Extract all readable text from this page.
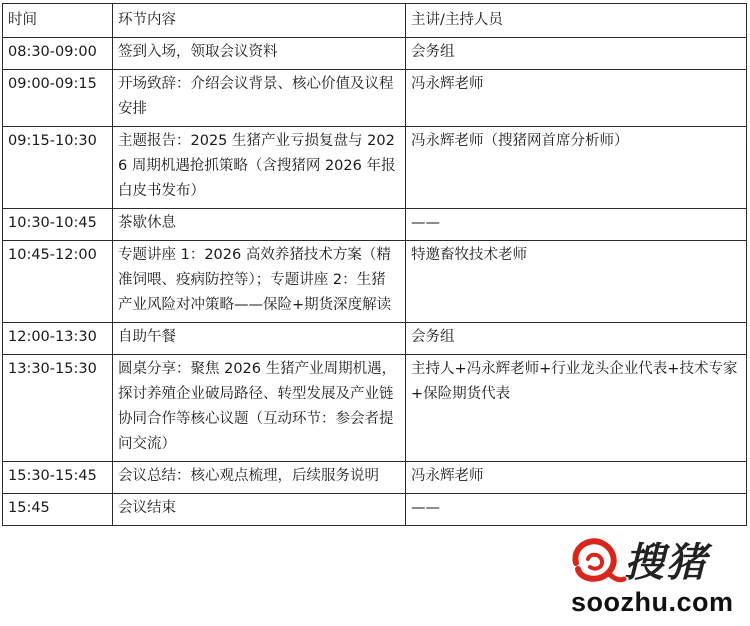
时间	环节内容	主讲/主持人员
08:30-09:00	签到入场，领取会议资料	会务组
09:00-09:15	开场致辞：介绍会议背景、核心价值及议程安排	冯永辉老师
09:15-10:30	主题报告：2025 生猪产业亏损复盘与 2026 周期机遇抢抓策略（含搜猪网 2026 年报白皮书发布）	冯永辉老师（搜猪网首席分析师）
10:30-10:45	茶歇休息	——
10:45-12:00	专题讲座 1：2026 高效养猪技术方案（精准饲喂、疫病防控等）；专题讲座 2：生猪产业风险对冲策略——保险+期货深度解读	特邀畜牧技术老师
12:00-13:30	自助午餐	会务组
13:30-15:30	圆桌分享：聚焦 2026 生猪产业周期机遇，探讨养殖企业破局路径、转型发展及产业链协同合作等核心议题（互动环节：参会者提问交流）	主持人+冯永辉老师+行业龙头企业代表+技术专家+保险期货代表
15:30-15:45	会议总结：核心观点梳理，后续服务说明	冯永辉老师
15:45	会议结束	——
搜猪
soozhu.com
